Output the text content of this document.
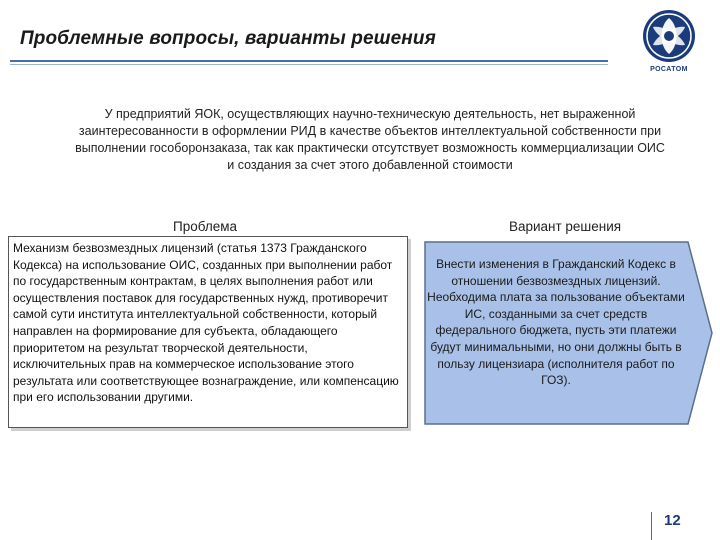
Проблемные вопросы, варианты решения
РОСАТОМ
У предприятий ЯОК, осуществляющих научно-техническую деятельность, нет выраженной заинтересованности в оформлении РИД в качестве объектов интеллектуальной собственности при выполнении гособоронзаказа, так как практически отсутствует возможность коммерциализации ОИС и создания за счет этого добавленной стоимости
Проблема	Вариант решения
Механизм безвозмездных лицензий (статья 1373 Гражданского Кодекса) на использование ОИС, созданных при выполнении работ по государственным контрактам, в целях выполнения работ или осуществления поставок для государственных нужд, противоречит самой сути института интеллектуальной собственности, который направлен на формирование для субъекта, обладающего приоритетом на результат творческой деятельности, исключительных прав на коммерческое использование этого результата или соответствующее вознаграждение, или компенсацию при его использовании другими.
Внести изменения в Гражданский Кодекс в отношении безвозмездных лицензий. Необходима плата за пользование объектами ИС, созданными за счет средств федерального бюджета, пусть эти платежи будут минимальными, но они должны быть в пользу лицензиара (исполнителя работ по ГОЗ).
12
